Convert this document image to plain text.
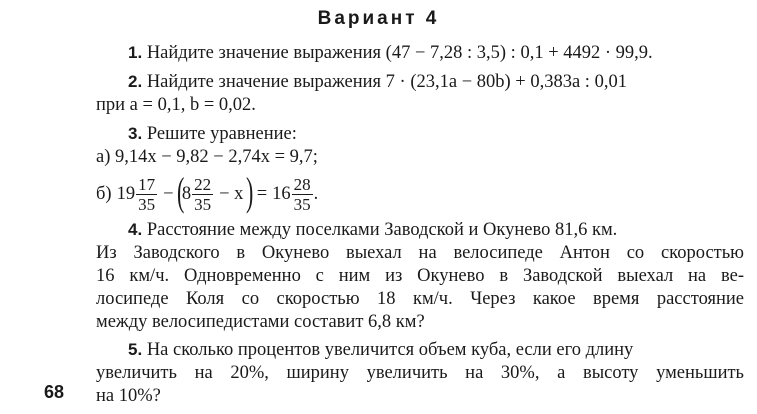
Вариант 4
1. Найдите значение выражения (47 − 7,28 : 3,5) : 0,1 + 4492 · 99,9.
2. Найдите значение выражения 7 · (23,1a − 80b) + 0,383a : 0,01
при a = 0,1, b = 0,02.
3. Решите уравнение:
а) 9,14x − 9,82 − 2,74x = 9,7;
б) $19 \frac{17}{35}$ − (
$8 \frac{22}{35} - x$ ) = $16 \frac{28}{35}$ .
4. Расстояние между поселками Заводской и Окунево 81,6 км.
Из Заводского в Окунево выехал на велосипеде Антон со скоростью
16 км/ч. Одновременно с ним из Окунево в Заводской выехал на ве-
лосипеде Коля со скоростью 18 км/ч. Через какое время расстояние
между велосипедистами составит 6,8 км?
5. На сколько процентов увеличится объем куба, если его длину
увеличить на 20%, ширину увеличить на 30%, а высоту уменьшить
на 10%?
68
